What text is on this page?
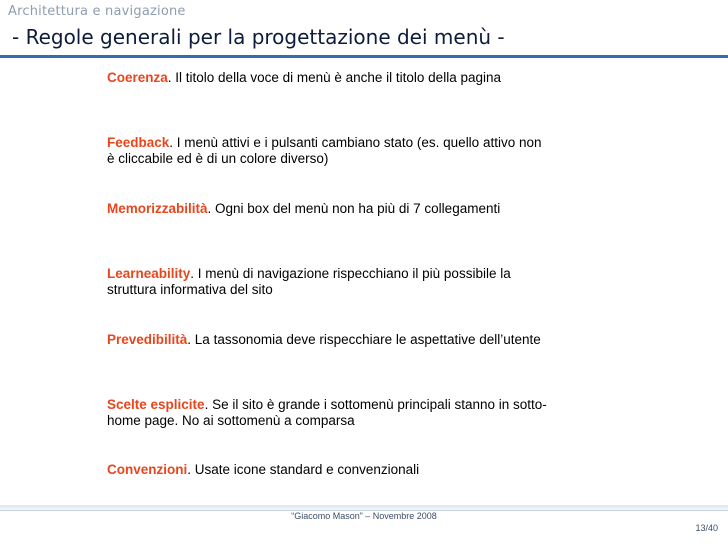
Architettura e navigazione
- Regole generali per la progettazione dei menù -
Coerenza. Il titolo della voce di menù è anche il titolo della pagina
Feedback. I menù attivi e i pulsanti cambiano stato (es. quello attivo non è cliccabile ed è di un colore diverso)
Memorizzabilità. Ogni box del menù non ha più di 7 collegamenti
Learneability. I menù di navigazione rispecchiano il più possibile la struttura informativa del sito
Prevedibilità. La tassonomia deve rispecchiare le aspettative dell’utente
Scelte esplicite. Se il sito è grande i sottomenù principali stanno in sotto-home page. No ai sottomenù a comparsa
Convenzioni. Usate icone standard e convenzionali
“Giacomo Mason” – Novembre 2008
13/40
